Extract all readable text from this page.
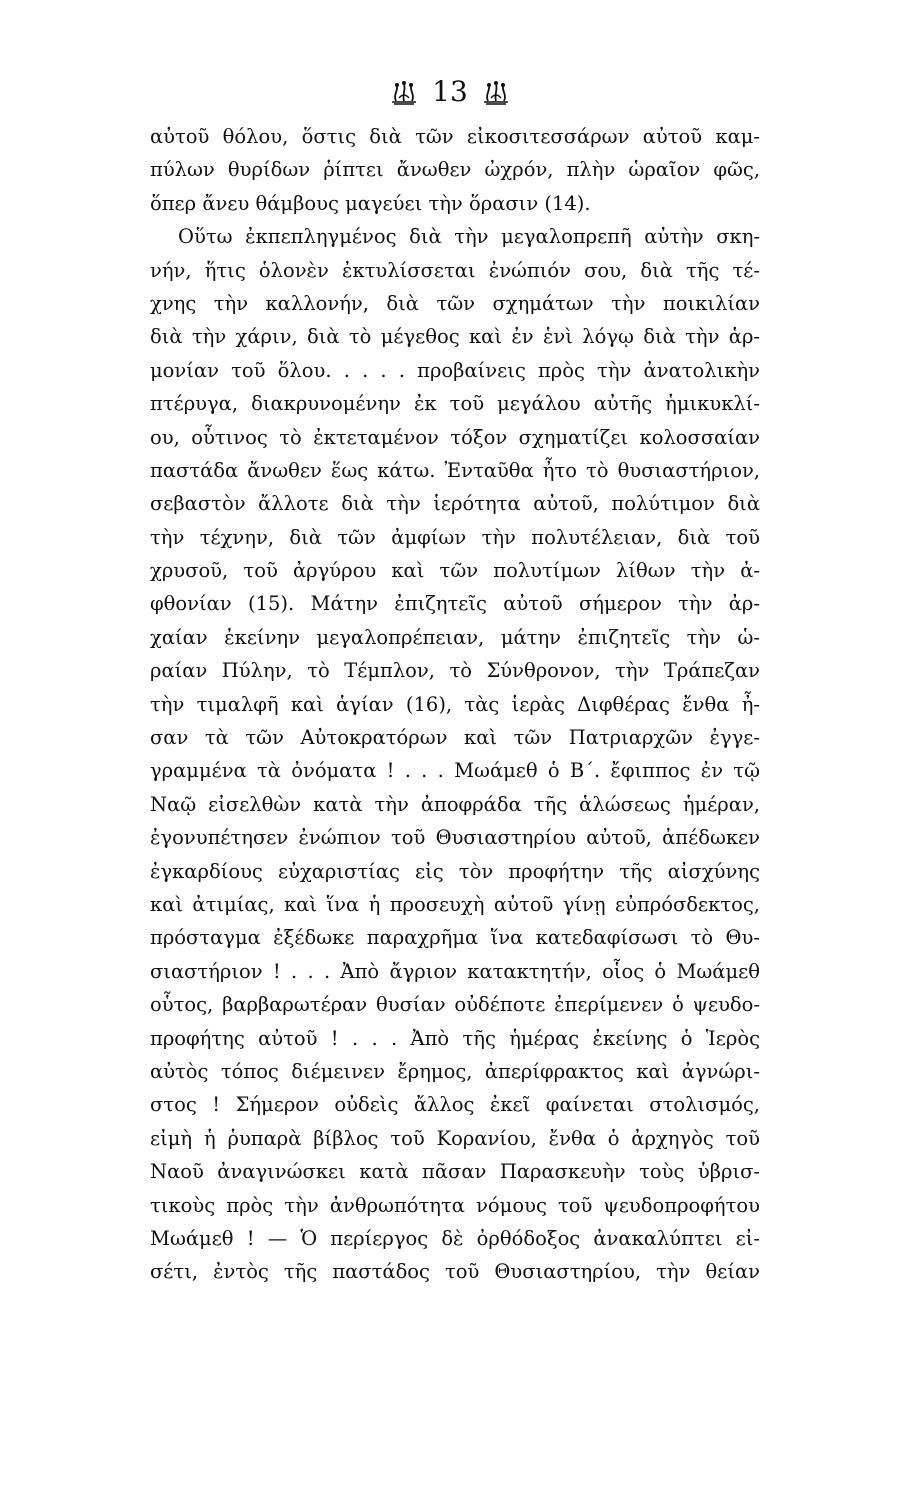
13
αὐτοῦ θόλου, ὅστις διὰ τῶν εἰκοσιτεσσάρων αὐτοῦ καμ-
πύλων θυρίδων ῥίπτει ἄνωθεν ὠχρόν, πλὴν ὡραῖον φῶς,
ὅπερ ἄνευ θάμβους μαγεύει τὴν ὅρασιν (14).
Οὕτω ἐκπεπληγμένος διὰ τὴν μεγαλοπρεπῆ αὐτὴν σκη-
νήν, ἥτις ὁλονὲν ἐκτυλίσσεται ἐνώπιόν σου, διὰ τῆς τέ-
χνης τὴν καλλονήν, διὰ τῶν σχημάτων τὴν ποικιλίαν
διὰ τὴν χάριν, διὰ τὸ μέγεθος καὶ ἐν ἑνὶ λόγῳ διὰ τὴν ἁρ-
μονίαν τοῦ ὅλου. . . . . προβαίνεις πρὸς τὴν ἀνατολικὴν
πτέρυγα, διακρυνομένην ἐκ τοῦ μεγάλου αὐτῆς ἡμικυκλί-
ου, οὗτινος τὸ ἐκτεταμένον τόξον σχηματίζει κολοσσαίαν
παστάδα ἄνωθεν ἕως κάτω. Ἐνταῦθα ἦτο τὸ θυσιαστήριον,
σεβαστὸν ἄλλοτε διὰ τὴν ἱερότητα αὐτοῦ, πολύτιμον διὰ
τὴν τέχνην, διὰ τῶν ἀμφίων τὴν πολυτέλειαν, διὰ τοῦ
χρυσοῦ, τοῦ ἀργύρου καὶ τῶν πολυτίμων λίθων τὴν ἀ-
φθονίαν (15). Μάτην ἐπιζητεῖς αὐτοῦ σήμερον τὴν ἀρ-
χαίαν ἐκείνην μεγαλοπρέπειαν, μάτην ἐπιζητεῖς τὴν ὡ-
ραίαν Πύλην, τὸ Τέμπλον, τὸ Σύνθρονον, τὴν Τράπεζαν
τὴν τιμαλφῆ καὶ ἁγίαν (16), τὰς ἱερὰς Διφθέρας ἔνθα ἦ-
σαν τὰ τῶν Αὐτοκρατόρων καὶ τῶν Πατριαρχῶν ἐγγε-
γραμμένα τὰ ὀνόματα ! . . . Μωάμεθ ὁ Β΄. ἔφιππος ἐν τῷ
Ναῷ εἰσελθὼν κατὰ τὴν ἀποφράδα τῆς ἁλώσεως ἡμέραν,
ἐγονυπέτησεν ἐνώπιον τοῦ Θυσιαστηρίου αὐτοῦ, ἀπέδωκεν
ἐγκαρδίους εὐχαριστίας εἰς τὸν προφήτην τῆς αἰσχύνης
καὶ ἀτιμίας, καὶ ἵνα ἡ προσευχὴ αὐτοῦ γίνῃ εὐπρόσδεκτος,
πρόσταγμα ἐξέδωκε παραχρῆμα ἵνα κατεδαφίσωσι τὸ Θυ-
σιαστήριον ! . . . Ἀπὸ ἄγριον κατακτητήν, οἷος ὁ Μωάμεθ
οὗτος, βαρβαρωτέραν θυσίαν οὐδέποτε ἐπερίμενεν ὁ ψευδο-
προφήτης αὐτοῦ ! . . . Ἀπὸ τῆς ἡμέρας ἐκείνης ὁ Ἱερὸς
αὐτὸς τόπος διέμεινεν ἔρημος, ἀπερίφρακτος καὶ ἀγνώρι-
στος ! Σήμερον οὐδεὶς ἄλλος ἐκεῖ φαίνεται στολισμός,
εἰμὴ ἡ ῥυπαρὰ βίβλος τοῦ Κορανίου, ἔνθα ὁ ἀρχηγὸς τοῦ
Ναοῦ ἀναγινώσκει κατὰ πᾶσαν Παρασκευὴν τοὺς ὑβρισ-
τικοὺς πρὸς τὴν ἀνθρωπότητα νόμους τοῦ ψευδοπροφήτου
Μωάμεθ ! — Ὁ περίεργος δὲ ὀρθόδοξος ἀνακαλύπτει εἰ-
σέτι, ἐντὸς τῆς παστάδος τοῦ Θυσιαστηρίου, τὴν θείαν
